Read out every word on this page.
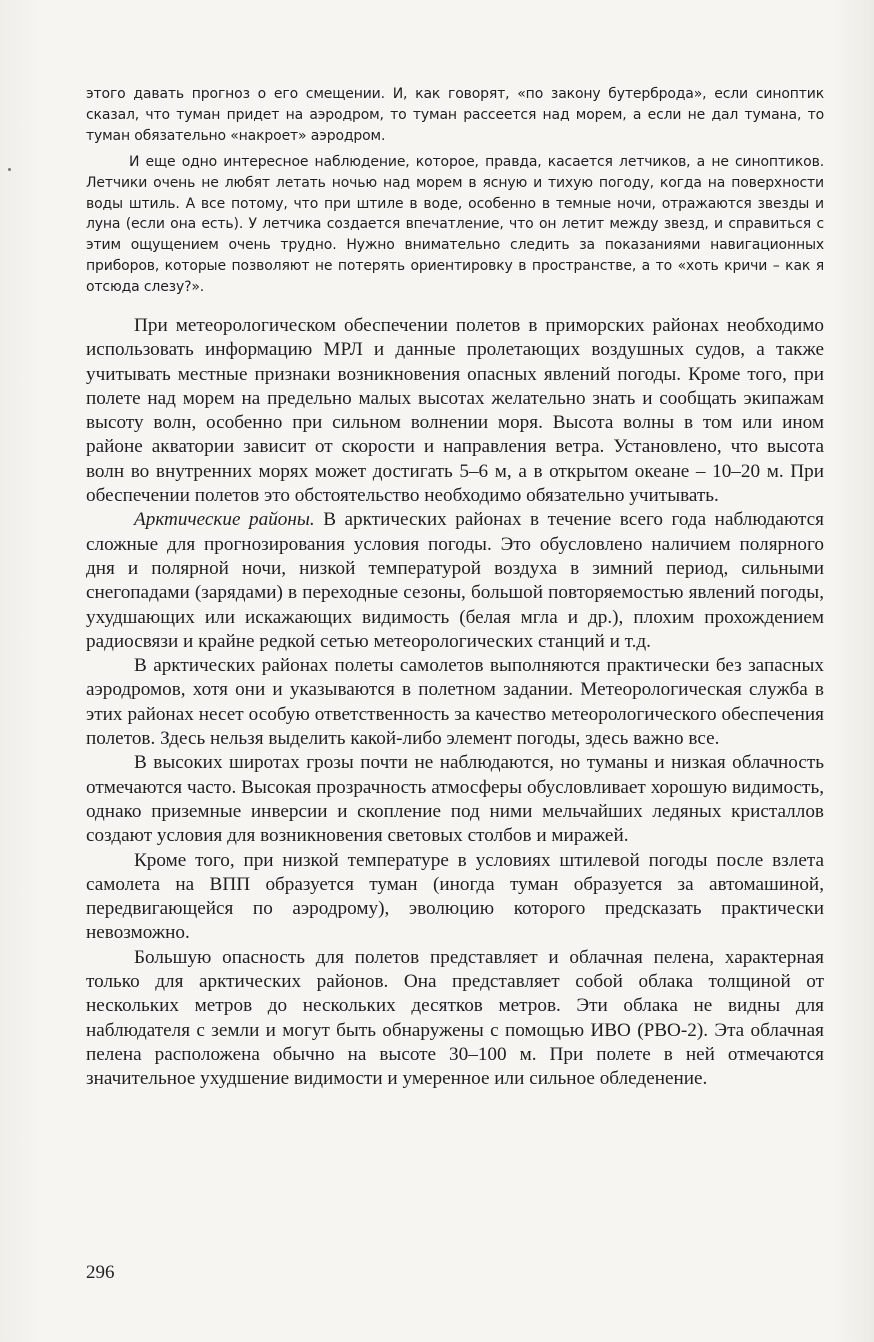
этого давать прогноз о его смещении. И, как говорят, «по закону бутерброда», если синоптик сказал, что туман придет на аэродром, то туман рассеется над морем, а если не дал тумана, то туман обязательно «накроет» аэродром.

И еще одно интересное наблюдение, которое, правда, касается летчиков, а не синоптиков. Летчики очень не любят летать ночью над морем в ясную и тихую погоду, когда на поверхности воды штиль. А все потому, что при штиле в воде, особенно в темные ночи, отражаются звезды и луна (если она есть). У летчика создается впечатление, что он летит между звезд, и справиться с этим ощущением очень трудно. Нужно внимательно следить за показаниями навигационных приборов, которые позволяют не потерять ориентировку в пространстве, а то «хоть кричи – как я отсюда слезу?».

При метеорологическом обеспечении полетов в приморских районах необходимо использовать информацию МРЛ и данные пролетающих воздушных судов, а также учитывать местные признаки возникновения опасных явлений погоды. Кроме того, при полете над морем на предельно малых высотах желательно знать и сообщать экипажам высоту волн, особенно при сильном волнении моря. Высота волны в том или ином районе акватории зависит от скорости и направления ветра. Установлено, что высота волн во внутренних морях может достигать 5–6 м, а в открытом океане – 10–20 м. При обеспечении полетов это обстоятельство необходимо обязательно учитывать.

Арктические районы. В арктических районах в течение всего года наблюдаются сложные для прогнозирования условия погоды. Это обусловлено наличием полярного дня и полярной ночи, низкой температурой воздуха в зимний период, сильными снегопадами (зарядами) в переходные сезоны, большой повторяемостью явлений погоды, ухудшающих или искажающих видимость (белая мгла и др.), плохим прохождением радиосвязи и крайне редкой сетью метеорологических станций и т.д.

В арктических районах полеты самолетов выполняются практически без запасных аэродромов, хотя они и указываются в полетном задании. Метеорологическая служба в этих районах несет особую ответственность за качество метеорологического обеспечения полетов. Здесь нельзя выделить какой-либо элемент погоды, здесь важно все.

В высоких широтах грозы почти не наблюдаются, но туманы и низкая облачность отмечаются часто. Высокая прозрачность атмосферы обусловливает хорошую видимость, однако приземные инверсии и скопление под ними мельчайших ледяных кристаллов создают условия для возникновения световых столбов и миражей.

Кроме того, при низкой температуре в условиях штилевой погоды после взлета самолета на ВПП образуется туман (иногда туман образуется за автомашиной, передвигающейся по аэродрому), эволюцию которого предсказать практически невозможно.

Большую опасность для полетов представляет и облачная пелена, характерная только для арктических районов. Она представляет собой облака толщиной от нескольких метров до нескольких десятков метров. Эти облака не видны для наблюдателя с земли и могут быть обнаружены с помощью ИВО (РВО-2). Эта облачная пелена расположена обычно на высоте 30–100 м. При полете в ней отмечаются значительное ухудшение видимости и умеренное или сильное обледенение.

296
